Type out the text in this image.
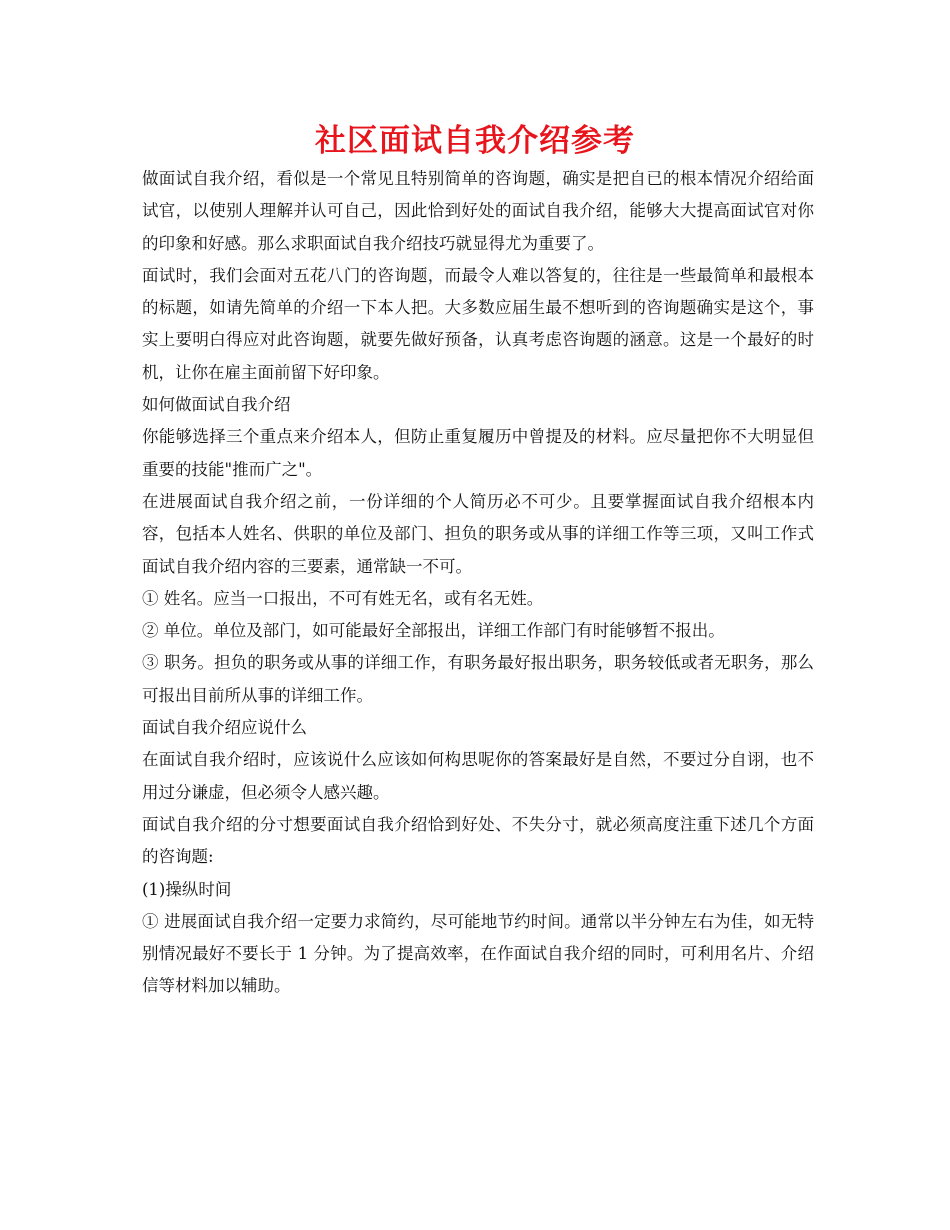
社区面试自我介绍参考

做面试自我介绍，看似是一个常见且特别简单的咨询题，确实是把自已的根本情况介绍给面试官，以使别人理解并认可自己，因此恰到好处的面试自我介绍，能够大大提高面试官对你的印象和好感。那么求职面试自我介绍技巧就显得尤为重要了。

面试时，我们会面对五花八门的咨询题，而最令人难以答复的，往往是一些最简单和最根本的标题，如请先简单的介绍一下本人把。大多数应届生最不想听到的咨询题确实是这个，事实上要明白得应对此咨询题，就要先做好预备，认真考虑咨询题的涵意。这是一个最好的时机，让你在雇主面前留下好印象。

如何做面试自我介绍

你能够选择三个重点来介绍本人，但防止重复履历中曾提及的材料。应尽量把你不大明显但重要的技能"推而广之"。

在进展面试自我介绍之前，一份详细的个人简历必不可少。且要掌握面试自我介绍根本内容，包括本人姓名、供职的单位及部门、担负的职务或从事的详细工作等三项，又叫工作式面试自我介绍内容的三要素，通常缺一不可。

① 姓名。应当一口报出，不可有姓无名，或有名无姓。

② 单位。单位及部门，如可能最好全部报出，详细工作部门有时能够暂不报出。

③ 职务。担负的职务或从事的详细工作，有职务最好报出职务，职务较低或者无职务，那么可报出目前所从事的详细工作。

面试自我介绍应说什么

在面试自我介绍时，应该说什么应该如何构思呢你的答案最好是自然，不要过分自诩，也不用过分谦虚，但必须令人感兴趣。

面试自我介绍的分寸想要面试自我介绍恰到好处、不失分寸，就必须高度注重下述几个方面的咨询题:

(1)操纵时间

① 进展面试自我介绍一定要力求简约，尽可能地节约时间。通常以半分钟左右为佳，如无特别情况最好不要长于 1 分钟。为了提高效率，在作面试自我介绍的同时，可利用名片、介绍信等材料加以辅助。
